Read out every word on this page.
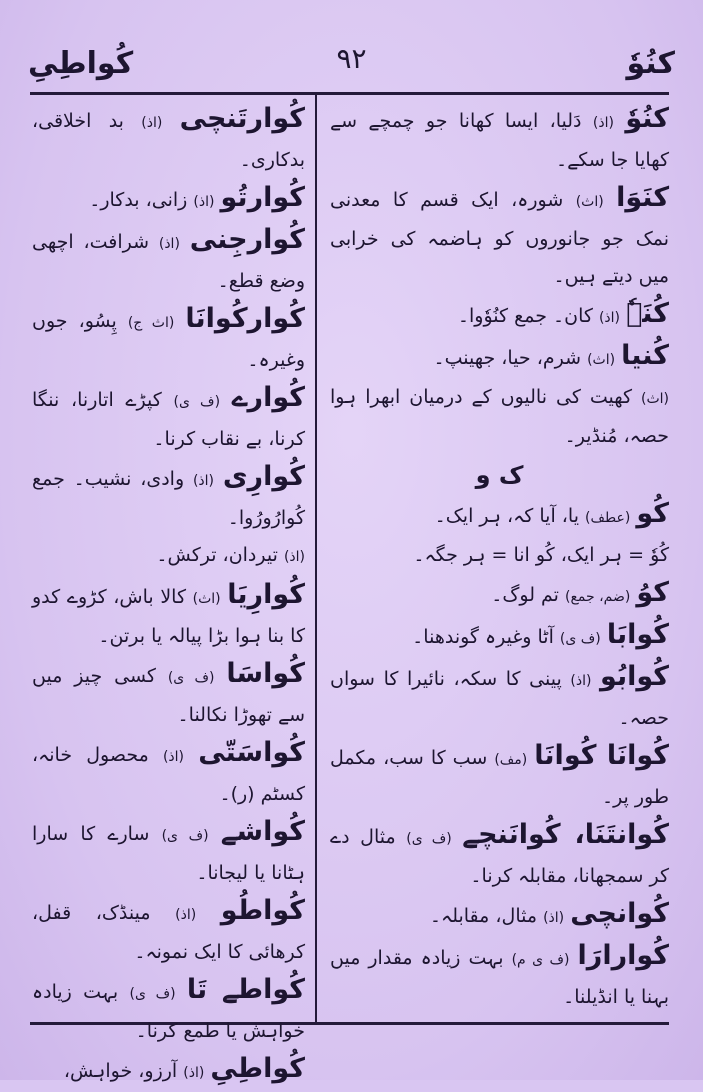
کنُوٗ
۹۲
کُواطِیِ

کنُوٗ (اذ) دَلیا، ایسا کھانا جو چمچے سے کھایا جا سکے۔

کنَوَا (اث) شورہ، ایک قسم کا معدنی نمک جو جانوروں کو ہاضمہ کی خرابی میں دیتے ہیں۔

کُنَےٗ (اذ) کان۔ جمع کنُوٗوا۔

کُنیا (اث) شرم، حیا، جھینپ۔

(اث) کھیت کی نالیوں کے درمیان ابھرا ہوا حصہ، مُنڈیر۔

ک و

کُو (عطف) یا، آیا کہ، ہر ایک۔

کُوٗ = ہر ایک، کُو انا = ہر جگہ۔

کوُ (ضم، جمع) تم لوگ۔

کُوابَا (ف ی) آٹا وغیرہ گوندھنا۔

کُوابُو (اذ) پینی کا سکہ، نائیرا کا سواں حصہ۔

کُوانَا کُوانَا (مف) سب کا سب، مکمل طور پر۔

کُوانتَنَا، کُوانَنچے (ف ی) مثال دے کر سمجھانا، مقابلہ کرنا۔

کُوانچی (اذ) مثال، مقابلہ۔

کُوارارَا (ف ی م) بہت زیادہ مقدار میں بہنا یا انڈیلنا۔

کُوارتَنچی (اذ) بد اخلاقی، بدکاری۔

کُوارتُو (اذ) زانی، بدکار۔

کُوارجِنی (اذ) شرافت، اچھی وضع قطع۔

کُوارکُوانَا (اث ج) پِسُو، جوں وغیرہ۔

کُوارے (ف ی) کپڑے اتارنا، ننگا کرنا، بے نقاب کرنا۔

کُوارِی (اذ) وادی، نشیب۔ جمع کُوارُورُوا۔

(اذ) تیردان، ترکش۔

کُوارِیَا (اث) کالا باش، کڑوے کدو کا بنا ہوا بڑا پیالہ یا برتن۔

کُواسَا (ف ی) کسی چیز میں سے تھوڑا نکالنا۔

کُواسَتّی (اذ) محصول خانہ، کسٹم (ر)۔

کُواشے (ف ی) سارے کا سارا ہٹانا یا لیجانا۔

کُواطُو (اذ) مینڈک، قفل، کرھائی کا ایک نمونہ۔

کُواطے تَا (ف ی) بہت زیادہ خواہش یا طمع کرنا۔

کُواطِیِ (اذ) آرزو، خواہش،
